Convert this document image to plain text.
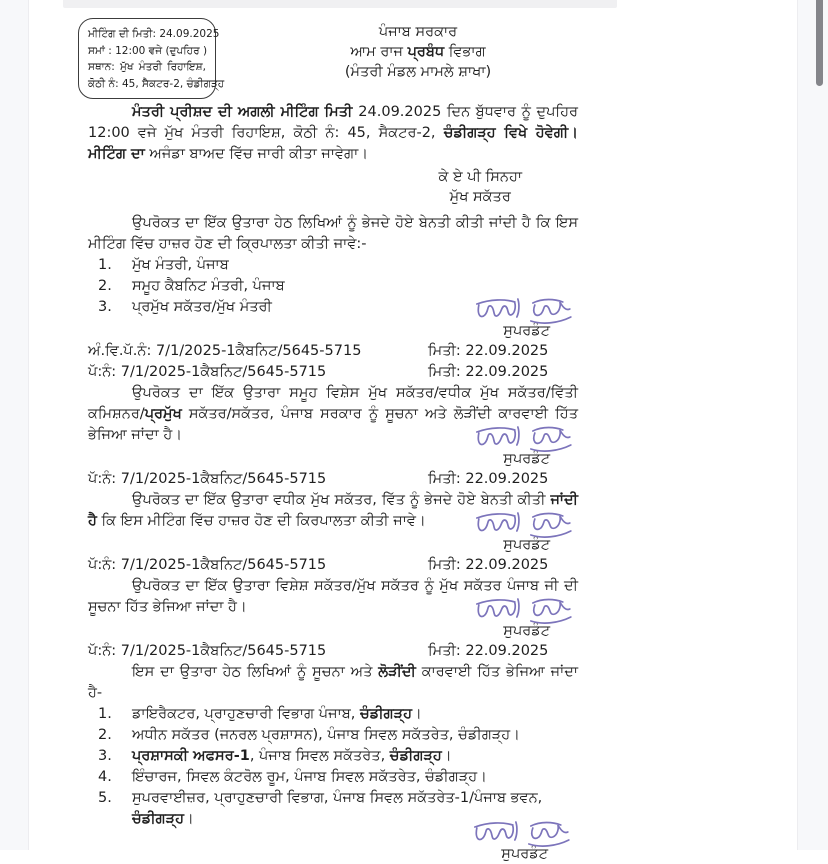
ਮੀਟਿੰਗ ਦੀ ਮਿਤੀ: 24.09.2025
ਸਮਾਂ : 12:00 ਵਜੇ (ਦੁਪਹਿਰ )
ਸਥਾਨ: ਮੁੱਖ ਮੰਤਰੀ ਰਿਹਾਇਸ਼,
ਕੋਠੀ ਨੰ: 45, ਸੈਕਟਰ-2, ਚੰਡੀਗੜ੍ਹ
ਪੰਜਾਬ ਸਰਕਾਰ
ਆਮ ਰਾਜ ਪ੍ਰਬੰਧ ਵਿਭਾਗ
(ਮੰਤਰੀ ਮੰਡਲ ਮਾਮਲੇ ਸ਼ਾਖਾ)

ਮੰਤਰੀ ਪ੍ਰੀਸ਼ਦ ਦੀ ਅਗਲੀ ਮੀਟਿੰਗ ਮਿਤੀ 24.09.2025 ਦਿਨ ਬੁੱਧਵਾਰ ਨੂੰ ਦੁਪਹਿਰ 12:00 ਵਜੇ ਮੁੱਖ ਮੰਤਰੀ ਰਿਹਾਇਸ਼, ਕੋਠੀ ਨੰ: 45, ਸੈਕਟਰ-2, ਚੰਡੀਗੜ੍ਹ ਵਿਖੇ ਹੋਵੇਗੀ। ਮੀਟਿੰਗ ਦਾ ਅਜੰਡਾ ਬਾਅਦ ਵਿੱਚ ਜਾਰੀ ਕੀਤਾ ਜਾਵੇਗਾ।

ਕੇ ਏ ਪੀ ਸਿਨਹਾ
ਮੁੱਖ ਸਕੱਤਰ

ਉਪਰੋਕਤ ਦਾ ਇੱਕ ਉਤਾਰਾ ਹੇਠ ਲਿਖਿਆਂ ਨੂੰ ਭੇਜਦੇ ਹੋਏ ਬੇਨਤੀ ਕੀਤੀ ਜਾਂਦੀ ਹੈ ਕਿ ਇਸ ਮੀਟਿੰਗ ਵਿੱਚ ਹਾਜ਼ਰ ਹੋਣ ਦੀ ਕ੍ਰਿਪਾਲਤਾ ਕੀਤੀ ਜਾਵੇ:-

1.	ਮੁੱਖ ਮੰਤਰੀ, ਪੰਜਾਬ
2.	ਸਮੂਹ ਕੈਬਨਿਟ ਮੰਤਰੀ, ਪੰਜਾਬ
3.	ਪ੍ਰਮੁੱਖ ਸਕੱਤਰ/ਮੁੱਖ ਮੰਤਰੀ
ਸੁਪਰਡੰਟ
ਅੰ.ਵਿ.ਪੱ.ਨੰ: 7/1/2025-1ਕੈਬਨਿਟ/5645-5715	ਮਿਤੀ: 22.09.2025
ਪੱ:ਨੰ: 7/1/2025-1ਕੈਬਨਿਟ/5645-5715	ਮਿਤੀ: 22.09.2025

ਉਪਰੋਕਤ ਦਾ ਇੱਕ ਉਤਾਰਾ ਸਮੂਹ ਵਿਸ਼ੇਸ ਮੁੱਖ ਸਕੱਤਰ/ਵਧੀਕ ਮੁੱਖ ਸਕੱਤਰ/ਵਿੱਤੀ ਕਮਿਸ਼ਨਰ/ਪ੍ਰਮੁੱਖ ਸਕੱਤਰ/ਸਕੱਤਰ, ਪੰਜਾਬ ਸਰਕਾਰ ਨੂੰ ਸੂਚਨਾ ਅਤੇ ਲੋੜੀਂਦੀ ਕਾਰਵਾਈ ਹਿੱਤ ਭੇਜਿਆ ਜਾਂਦਾ ਹੈ।

ਸੁਪਰਡੰਟ
ਪੱ:ਨੰ: 7/1/2025-1ਕੈਬਨਿਟ/5645-5715	ਮਿਤੀ: 22.09.2025

ਉਪਰੋਕਤ ਦਾ ਇੱਕ ਉਤਾਰਾ ਵਧੀਕ ਮੁੱਖ ਸਕੱਤਰ, ਵਿੱਤ ਨੂੰ ਭੇਜਦੇ ਹੋਏ ਬੇਨਤੀ ਕੀਤੀ ਜਾਂਦੀ ਹੈ ਕਿ ਇਸ ਮੀਟਿੰਗ ਵਿੱਚ ਹਾਜ਼ਰ ਹੋਣ ਦੀ ਕਿਰਪਾਲਤਾ ਕੀਤੀ ਜਾਵੇ।

ਸੁਪਰਡੰਟ
ਪੱ:ਨੰ: 7/1/2025-1ਕੈਬਨਿਟ/5645-5715	ਮਿਤੀ: 22.09.2025

ਉਪਰੋਕਤ ਦਾ ਇੱਕ ਉਤਾਰਾ ਵਿਸ਼ੇਸ਼ ਸਕੱਤਰ/ਮੁੱਖ ਸਕੱਤਰ ਨੂੰ ਮੁੱਖ ਸਕੱਤਰ ਪੰਜਾਬ ਜੀ ਦੀ ਸੂਚਨਾ ਹਿੱਤ ਭੇਜਿਆ ਜਾਂਦਾ ਹੈ।

ਸੁਪਰਡੰਟ
ਪੱ:ਨੰ: 7/1/2025-1ਕੈਬਨਿਟ/5645-5715	ਮਿਤੀ: 22.09.2025

ਇਸ ਦਾ ਉਤਾਰਾ ਹੇਠ ਲਿਖਿਆਂ ਨੂੰ ਸੂਚਨਾ ਅਤੇ ਲੋੜੀਂਦੀ ਕਾਰਵਾਈ ਹਿੱਤ ਭੇਜਿਆ ਜਾਂਦਾ ਹੈ-

1.	ਡਾਇਰੈਕਟਰ, ਪ੍ਰਾਹੁਣਚਾਰੀ ਵਿਭਾਗ ਪੰਜਾਬ, ਚੰਡੀਗੜ੍ਹ।
2.	ਅਧੀਨ ਸਕੱਤਰ (ਜਨਰਲ ਪ੍ਰਸ਼ਾਸਨ), ਪੰਜਾਬ ਸਿਵਲ ਸਕੱਤਰੇਤ, ਚੰਡੀਗੜ੍ਹ।
3.	ਪ੍ਰਸ਼ਾਸਕੀ ਅਫਸਰ-1, ਪੰਜਾਬ ਸਿਵਲ ਸਕੱਤਰੇਤ, ਚੰਡੀਗੜ੍ਹ।
4.	ਇੰਚਾਰਜ, ਸਿਵਲ ਕੰਟਰੋਲ ਰੂਮ, ਪੰਜਾਬ ਸਿਵਲ ਸਕੱਤਰੇਤ, ਚੰਡੀਗੜ੍ਹ।
5.	ਸੁਪਰਵਾਈਜ਼ਰ, ਪ੍ਰਾਹੁਣਚਾਰੀ ਵਿਭਾਗ, ਪੰਜਾਬ ਸਿਵਲ ਸਕੱਤਰੇਤ-1/ਪੰਜਾਬ ਭਵਨ, ਚੰਡੀਗੜ੍ਹ।
ਸੁਪਰਡੰਟ
